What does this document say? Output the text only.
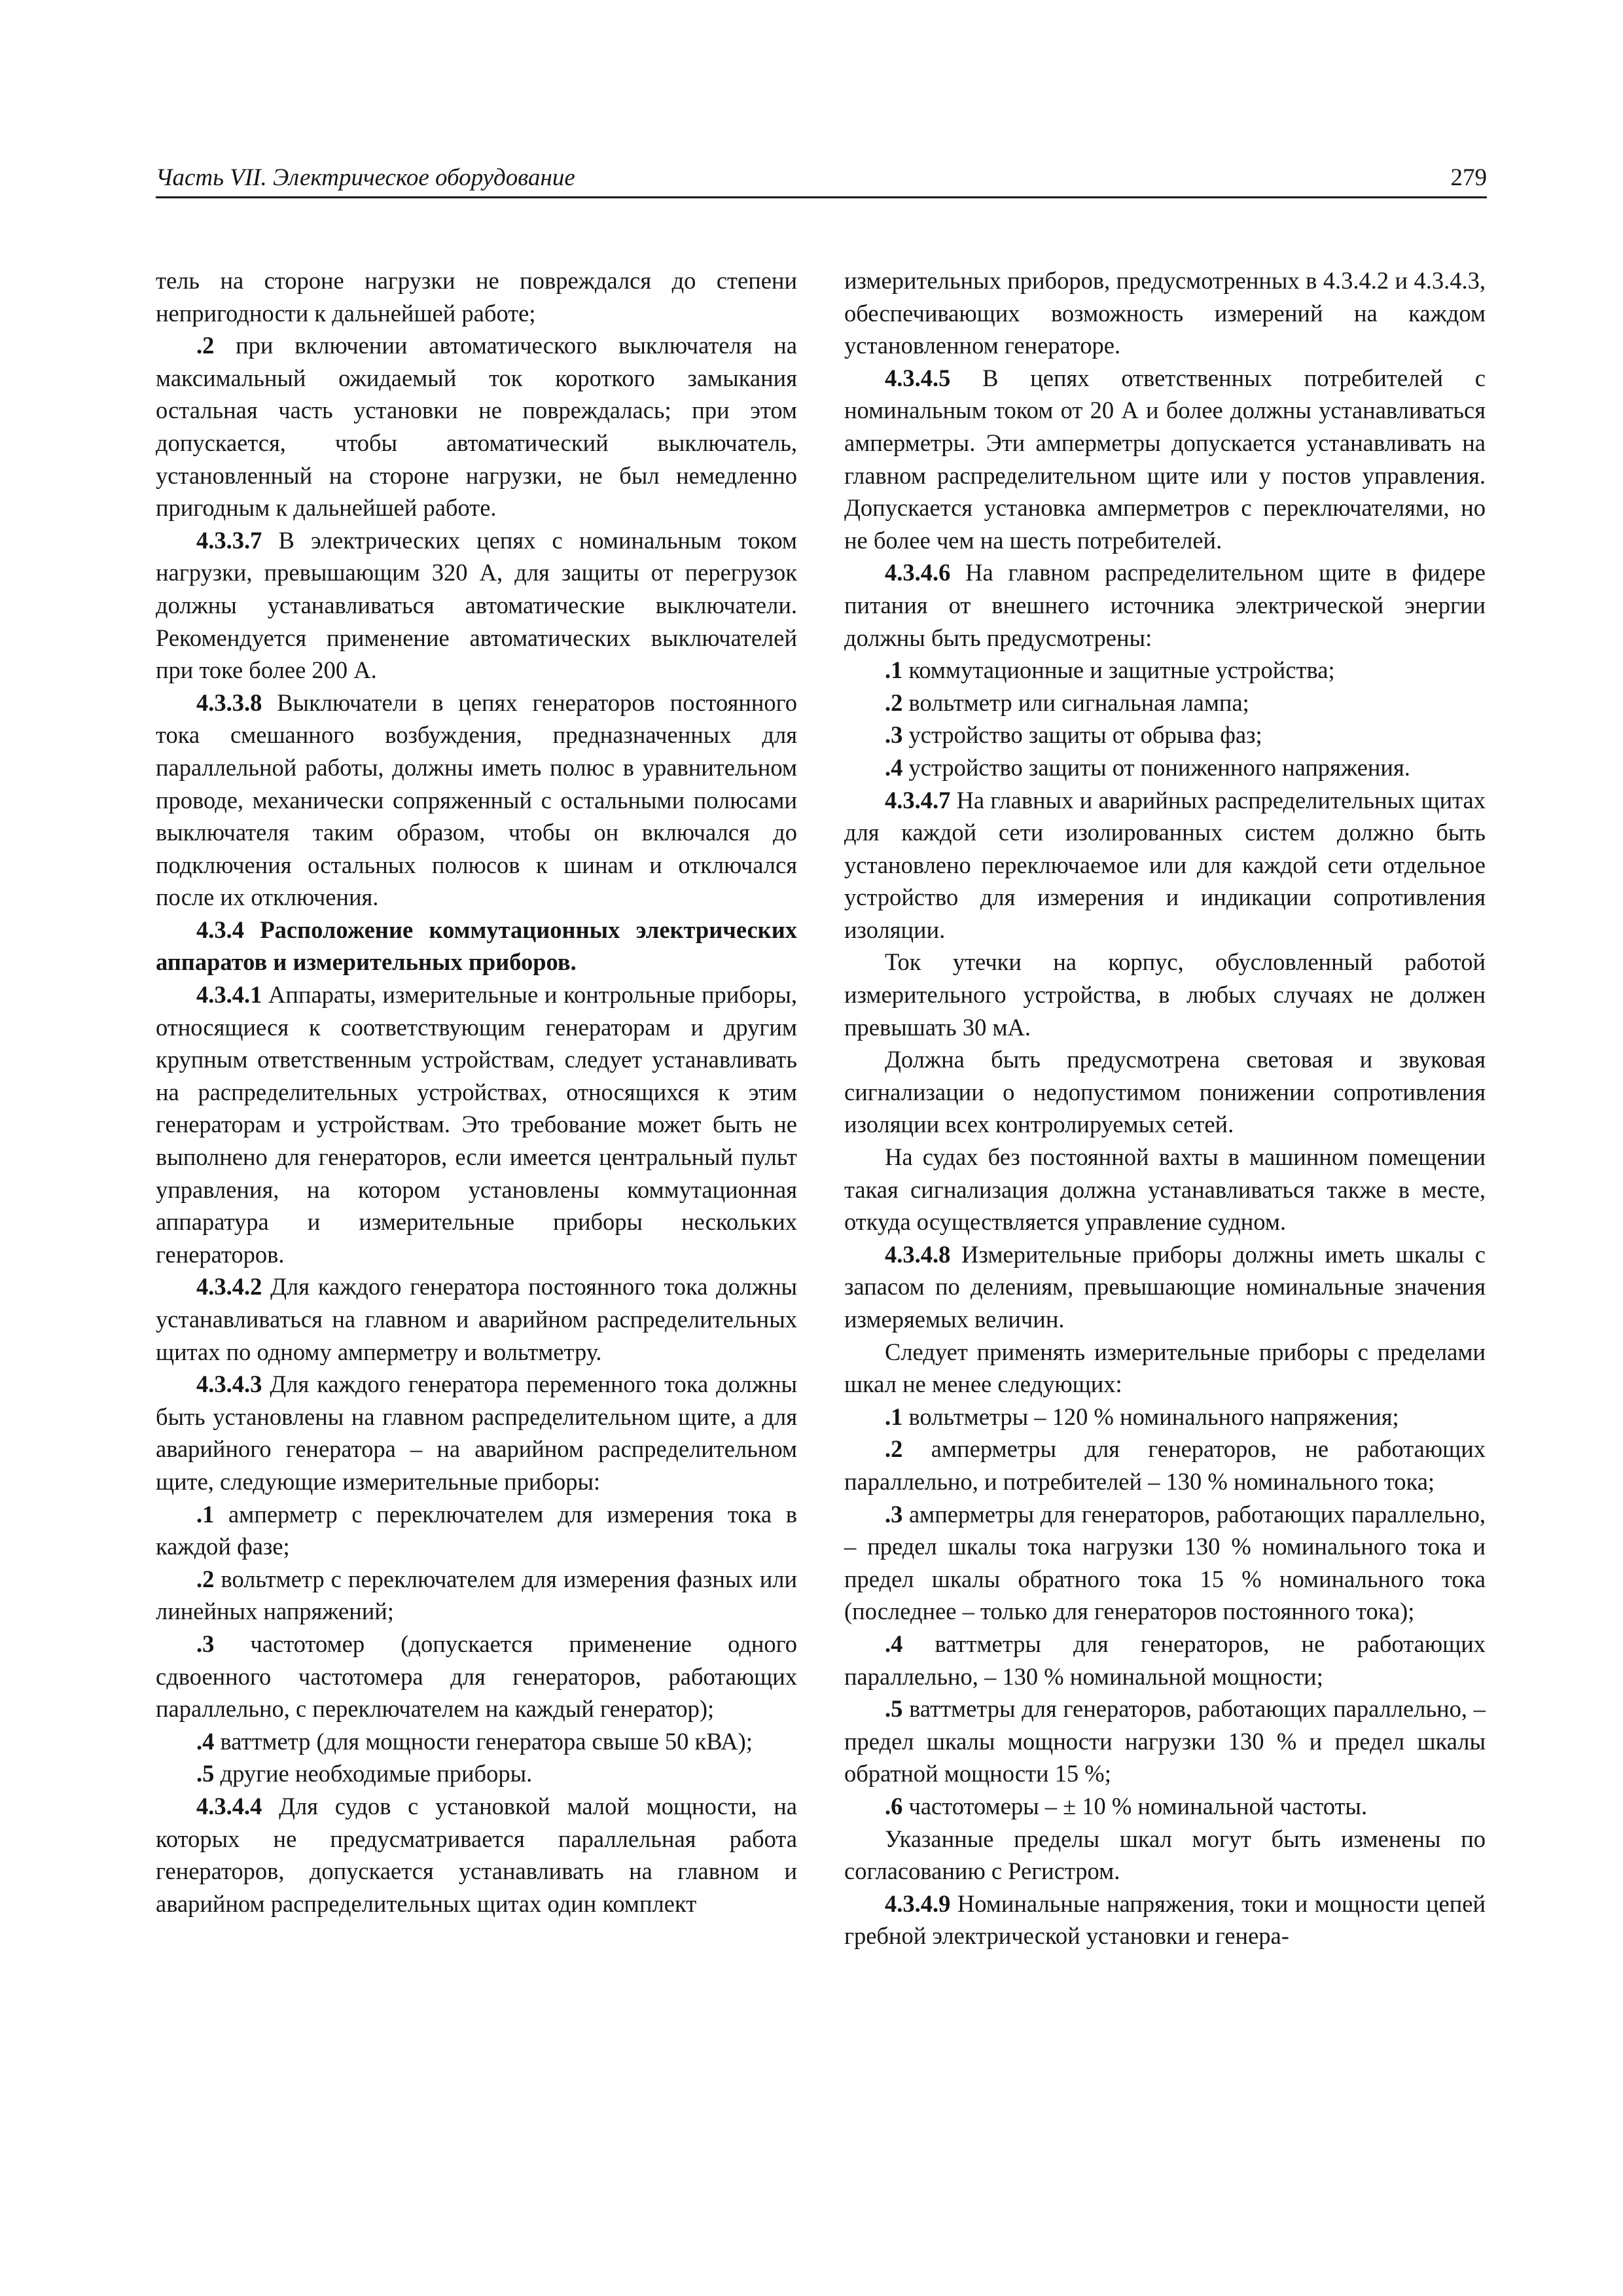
Часть VII. Электрическое оборудование	279

тель на стороне нагрузки не повреждался до степени непригодности к дальнейшей работе;

.2 при включении автоматического выключателя на максимальный ожидаемый ток короткого замыкания остальная часть установки не повреждалась; при этом допускается, чтобы автоматический выключатель, установленный на стороне нагрузки, не был немедленно пригодным к дальнейшей работе.

4.3.3.7 В электрических цепях с номинальным током нагрузки, превышающим 320 А, для защиты от перегрузок должны устанавливаться автоматические выключатели. Рекомендуется применение автоматических выключателей при токе более 200 А.

4.3.3.8 Выключатели в цепях генераторов постоянного тока смешанного возбуждения, предназначенных для параллельной работы, должны иметь полюс в уравнительном проводе, механически сопряженный с остальными полюсами выключателя таким образом, чтобы он включался до подключения остальных полюсов к шинам и отключался после их отключения.

4.3.4 Расположение коммутационных электрических аппаратов и измерительных приборов.

4.3.4.1 Аппараты, измерительные и контрольные приборы, относящиеся к соответствующим генераторам и другим крупным ответственным устройствам, следует устанавливать на распределительных устройствах, относящихся к этим генераторам и устройствам. Это требование может быть не выполнено для генераторов, если имеется центральный пульт управления, на котором установлены коммутационная аппаратура и измерительные приборы нескольких генераторов.

4.3.4.2 Для каждого генератора постоянного тока должны устанавливаться на главном и аварийном распределительных щитах по одному амперметру и вольтметру.

4.3.4.3 Для каждого генератора переменного тока должны быть установлены на главном распределительном щите, а для аварийного генератора – на аварийном распределительном щите, следующие измерительные приборы:

.1 амперметр с переключателем для измерения тока в каждой фазе;

.2 вольтметр с переключателем для измерения фазных или линейных напряжений;

.3 частотомер (допускается применение одного сдвоенного частотомера для генераторов, работающих параллельно, с переключателем на каждый генератор);

.4 ваттметр (для мощности генератора свыше 50 кВА);

.5 другие необходимые приборы.

4.3.4.4 Для судов с установкой малой мощности, на которых не предусматривается параллельная работа генераторов, допускается устанавливать на главном и аварийном распределительных щитах один комплект

измерительных приборов, предусмотренных в 4.3.4.2 и 4.3.4.3, обеспечивающих возможность измерений на каждом установленном генераторе.

4.3.4.5 В цепях ответственных потребителей с номинальным током от 20 А и более должны устанавливаться амперметры. Эти амперметры допускается устанавливать на главном распределительном щите или у постов управления. Допускается установка амперметров с переключателями, но не более чем на шесть потребителей.

4.3.4.6 На главном распределительном щите в фидере питания от внешнего источника электрической энергии должны быть предусмотрены:

.1 коммутационные и защитные устройства;

.2 вольтметр или сигнальная лампа;

.3 устройство защиты от обрыва фаз;

.4 устройство защиты от пониженного напряжения.

4.3.4.7 На главных и аварийных распределительных щитах для каждой сети изолированных систем должно быть установлено переключаемое или для каждой сети отдельное устройство для измерения и индикации сопротивления изоляции.

Ток утечки на корпус, обусловленный работой измерительного устройства, в любых случаях не должен превышать 30 мА.

Должна быть предусмотрена световая и звуковая сигнализации о недопустимом понижении сопротивления изоляции всех контролируемых сетей.

На судах без постоянной вахты в машинном помещении такая сигнализация должна устанавливаться также в месте, откуда осуществляется управление судном.

4.3.4.8 Измерительные приборы должны иметь шкалы с запасом по делениям, превышающие номинальные значения измеряемых величин.

Следует применять измерительные приборы с пределами шкал не менее следующих:

.1 вольтметры – 120 % номинального напряжения;

.2 амперметры для генераторов, не работающих параллельно, и потребителей – 130 % номинального тока;

.3 амперметры для генераторов, работающих параллельно, – предел шкалы тока нагрузки 130 % номинального тока и предел шкалы обратного тока 15 % номинального тока (последнее – только для генераторов постоянного тока);

.4 ваттметры для генераторов, не работающих параллельно, – 130 % номинальной мощности;

.5 ваттметры для генераторов, работающих параллельно, – предел шкалы мощности нагрузки 130 % и предел шкалы обратной мощности 15 %;

.6 частотомеры – ± 10 % номинальной частоты.

Указанные пределы шкал могут быть изменены по согласованию с Регистром.

4.3.4.9 Номинальные напряжения, токи и мощности цепей гребной электрической установки и генера-
